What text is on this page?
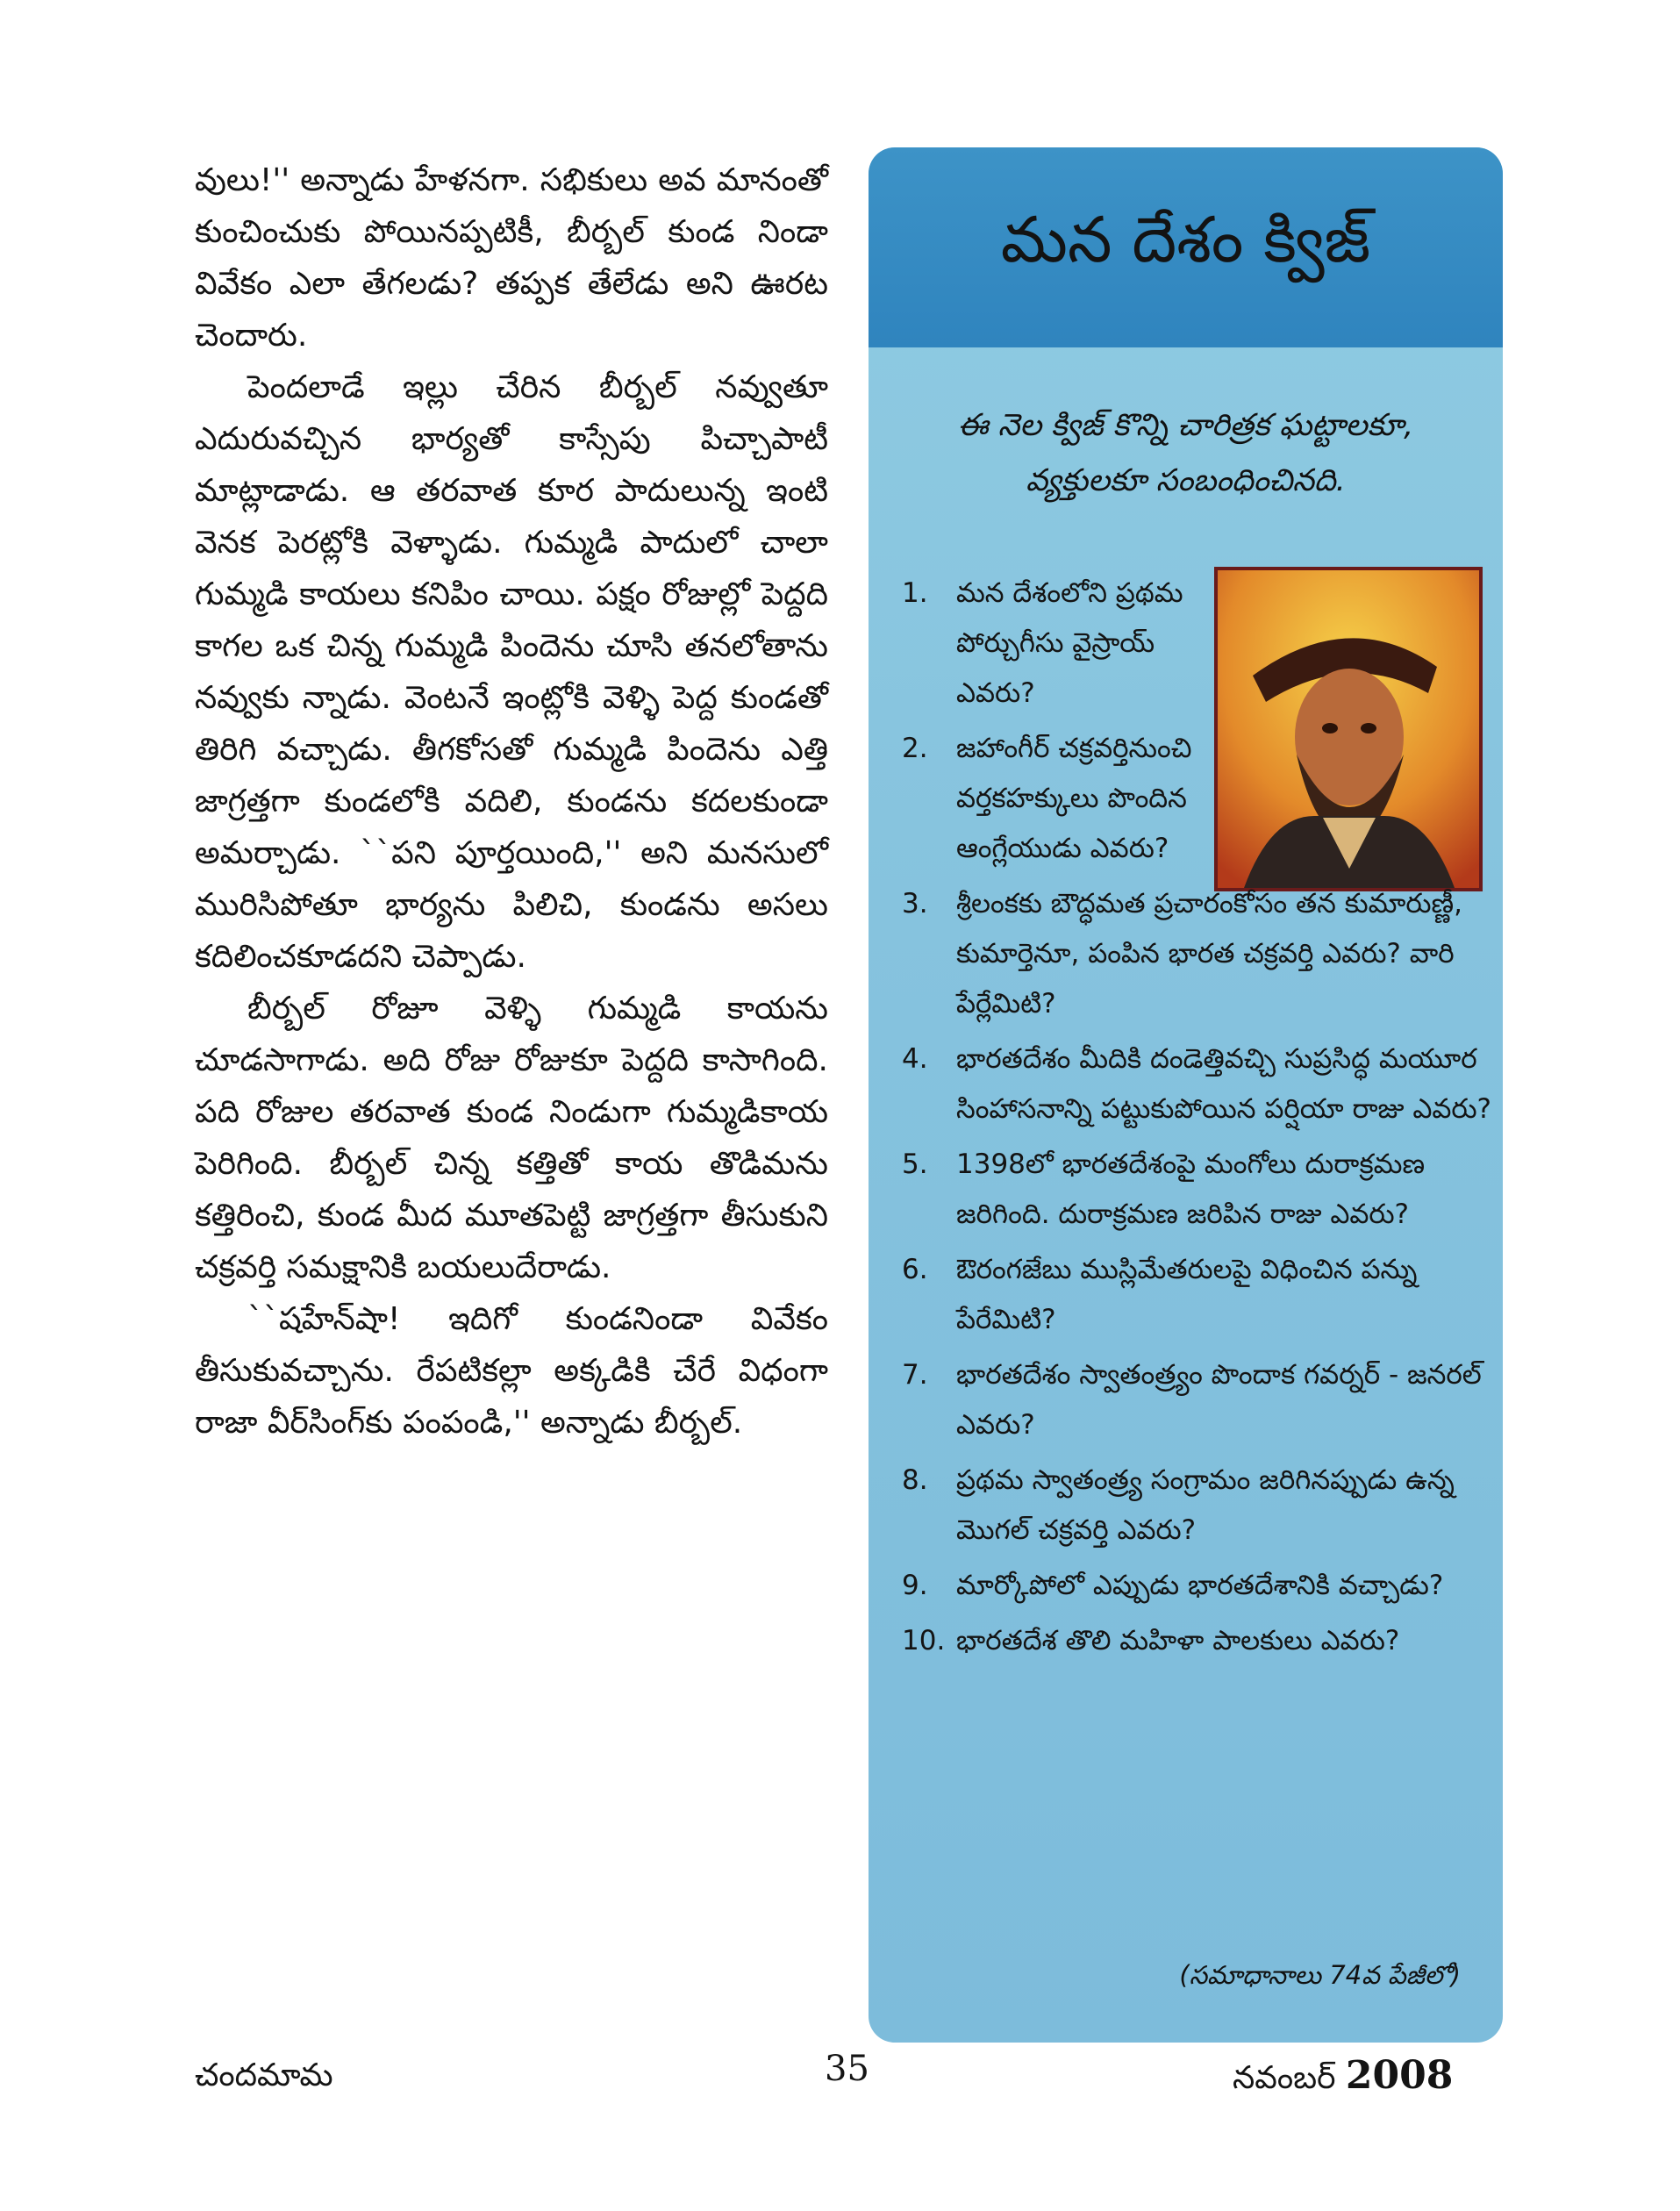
వులు!'' అన్నాడు హేళనగా. సభికులు అవ మానంతో కుంచించుకు పోయినప్పటికీ, బీర్బల్ కుండ నిండా వివేకం ఎలా తేగలడు? తప్పక తేలేడు అని ఊరట చెందారు.

పెందలాడే ఇల్లు చేరిన బీర్బల్ నవ్వుతూ ఎదురువచ్చిన భార్యతో కాస్సేపు పిచ్చాపాటీ మాట్లాడాడు. ఆ తరవాత కూర పాదులున్న ఇంటి వెనక పెరట్లోకి వెళ్ళాడు. గుమ్మడి పాదులో చాలా గుమ్మడి కాయలు కనిపిం చాయి. పక్షం రోజుల్లో పెద్దది కాగల ఒక చిన్న గుమ్మడి పిందెను చూసి తనలోతాను నవ్వుకు న్నాడు. వెంటనే ఇంట్లోకి వెళ్ళి పెద్ద కుండతో తిరిగి వచ్చాడు. తీగకోసతో గుమ్మడి పిందెను ఎత్తి జాగ్రత్తగా కుండలోకి వదిలి, కుండను కదలకుండా అమర్చాడు. ``పని పూర్తయింది,'' అని మనసులో మురిసిపోతూ భార్యను పిలిచి, కుండను అసలు కదిలించకూడదని చెప్పాడు.

బీర్బల్ రోజూ వెళ్ళి గుమ్మడి కాయను చూడసాగాడు. అది రోజు రోజుకూ పెద్దది కాసాగింది. పది రోజుల తరవాత కుండ నిండుగా గుమ్మడికాయ పెరిగింది. బీర్బల్ చిన్న కత్తితో కాయ తొడిమను కత్తిరించి, కుండ మీద మూతపెట్టి జాగ్రత్తగా తీసుకుని చక్రవర్తి సమక్షానికి బయలుదేరాడు.

``షహేన్‌షా! ఇదిగో కుండనిండా వివేకం తీసుకువచ్చాను. రేపటికల్లా అక్కడికి చేరే విధంగా రాజా వీర్‌సింగ్‌కు పంపండి,'' అన్నాడు బీర్బల్.

మన దేశం క్విజ్
ఈ నెల క్విజ్ కొన్ని చారిత్రక ఘట్టాలకూ, వ్యక్తులకూ సంబంధించినది.
1.	మన దేశంలోని ప్రథమ పోర్చుగీసు వైస్రాయ్ ఎవరు?
2.	జహాంగీర్ చక్రవర్తినుంచి వర్తకహక్కులు పొందిన ఆంగ్లేయుడు ఎవరు?
3.	శ్రీలంకకు బౌద్ధమత ప్రచారంకోసం తన కుమారుణ్ణీ, కుమార్తెనూ, పంపిన భారత చక్రవర్తి ఎవరు? వారి పేర్లేమిటి?
4.	భారతదేశం మీదికి దండెత్తివచ్చి సుప్రసిద్ధ మయూర సింహాసనాన్ని పట్టుకుపోయిన పర్షియా రాజు ఎవరు?
5.	1398లో భారతదేశంపై మంగోలు దురాక్రమణ జరిగింది. దురాక్రమణ జరిపిన రాజు ఎవరు?
6.	ఔరంగజేబు ముస్లిమేతరులపై విధించిన పన్ను పేరేమిటి?
7.	భారతదేశం స్వాతంత్ర్యం పొందాక గవర్నర్ - జనరల్ ఎవరు?
8.	ప్రథమ స్వాతంత్ర్య సంగ్రామం జరిగినప్పుడు ఉన్న మొగల్ చక్రవర్తి ఎవరు?
9.	మార్కోపోలో ఎప్పుడు భారతదేశానికి వచ్చాడు?
10. భారతదేశ తొలి మహిళా పాలకులు ఎవరు?
(సమాధానాలు 74వ పేజీలో)
చందమామ	35	నవంబర్ 2008
